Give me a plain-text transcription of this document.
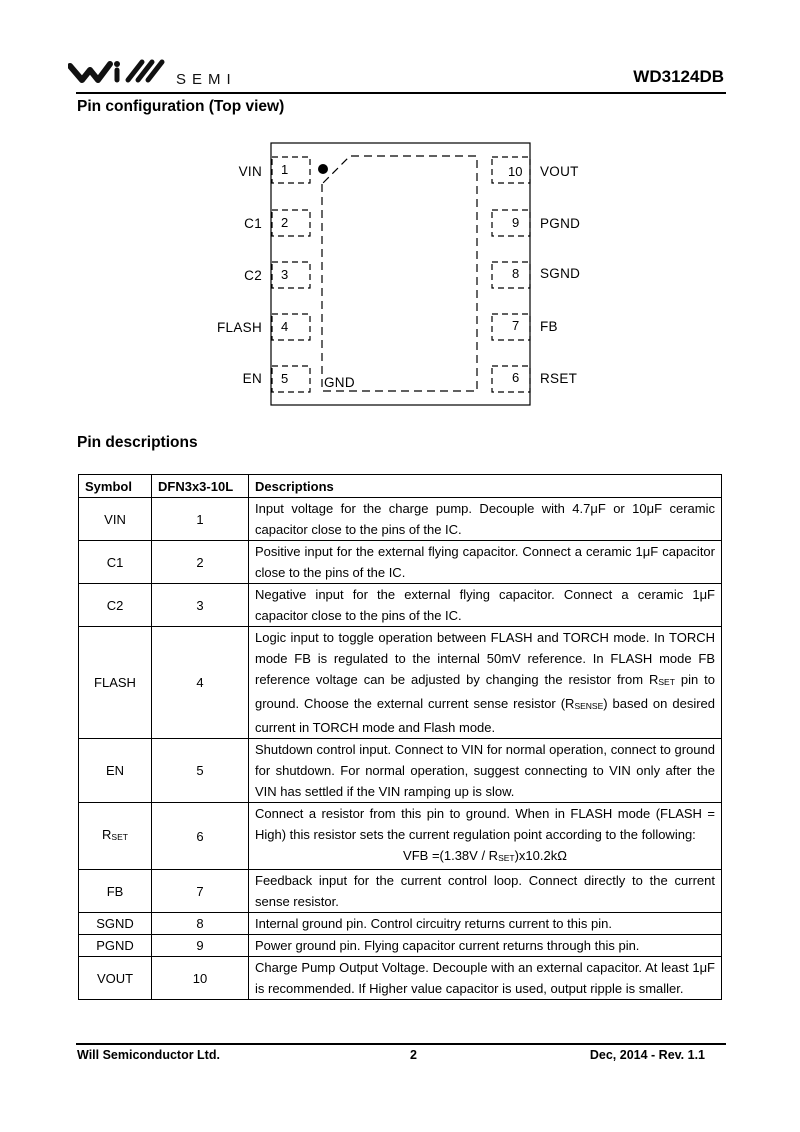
SEMI	WD3124DB
Pin configuration (Top view)
VIN
C1
C2
FLASH
EN
1
2
3
4
5
VOUT
PGND
SGND
FB
RSET
10
9
8
7
6
GND
Pin descriptions
Symbol	DFN3x3-10L	Descriptions
VIN	1	Input voltage for the charge pump. Decouple with 4.7μF or 10μF ceramic capacitor close to the pins of the IC.
C1	2	Positive input for the external flying capacitor. Connect a ceramic 1μF capacitor close to the pins of the IC.
C2	3	Negative input for the external flying capacitor. Connect a ceramic 1μF capacitor close to the pins of the IC.
FLASH	4	Logic input to toggle operation between FLASH and TORCH mode. In TORCH mode FB is regulated to the internal 50mV reference. In FLASH mode FB reference voltage can be adjusted by changing the resistor from $R_{SET}$ pin to ground. Choose the external current sense resistor $(R_{SENSE})$ based on desired current in TORCH mode and Flash mode.
EN	5	Shutdown control input. Connect to VIN for normal operation, connect to ground for shutdown. For normal operation, suggest connecting to VIN only after the VIN has settled if the VIN ramping up is slow.
$R_{SET}$	6	Connect a resistor from this pin to ground. When in FLASH mode (FLASH = High) this resistor sets the current regulation point according to the following:
VFB $=(1.38V / R_{SET})x10.2k\Omega$

FB	7	Feedback input for the current control loop. Connect directly to the current sense resistor.
SGND	8	Internal ground pin. Control circuitry returns current to this pin.
PGND	9	Power ground pin. Flying capacitor current returns through this pin.
VOUT	10	Charge Pump Output Voltage. Decouple with an external capacitor. At least 1μF is recommended. If Higher value capacitor is used, output ripple is smaller.
Will Semiconductor Ltd.	2	Dec, 2014 - Rev. 1.1
